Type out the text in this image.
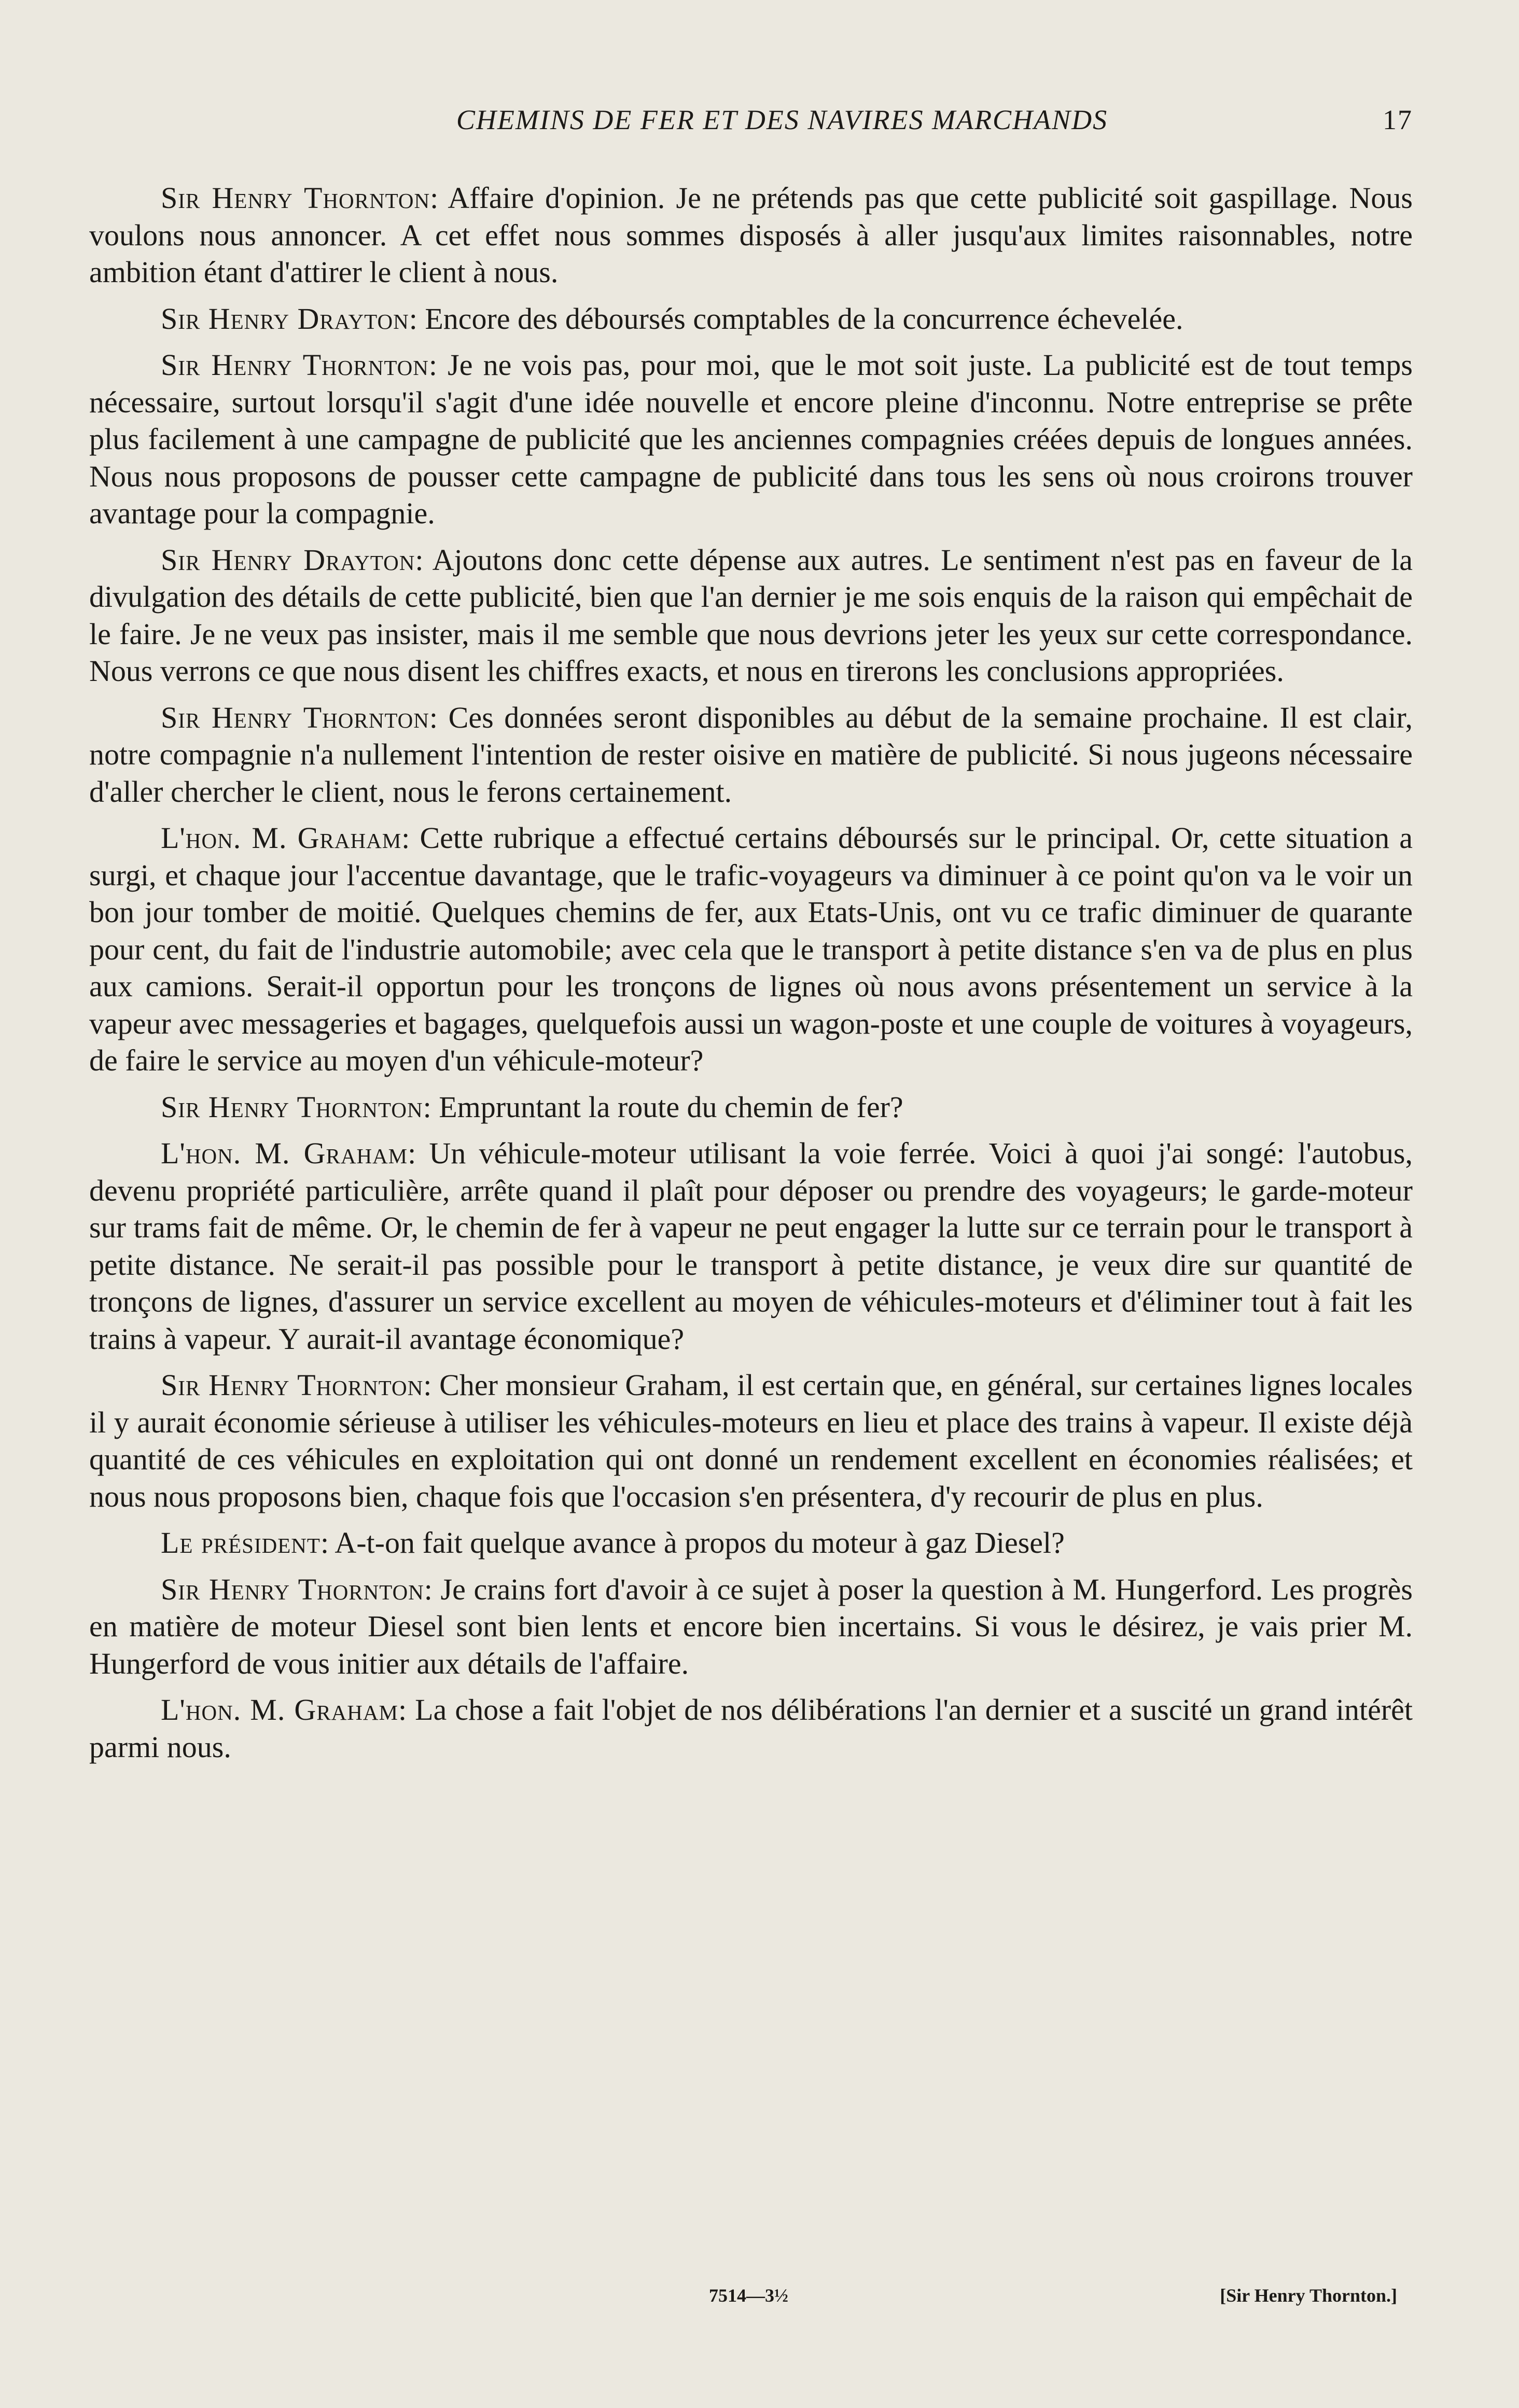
CHEMINS DE FER ET DES NAVIRES MARCHANDS	17

Sir Henry Thornton: Affaire d'opinion. Je ne prétends pas que cette publicité soit gaspillage. Nous voulons nous annoncer. A cet effet nous sommes disposés à aller jusqu'aux limites raisonnables, notre ambition étant d'attirer le client à nous.

Sir Henry Drayton: Encore des déboursés comptables de la concurrence échevelée.

Sir Henry Thornton: Je ne vois pas, pour moi, que le mot soit juste. La publicité est de tout temps nécessaire, surtout lorsqu'il s'agit d'une idée nouvelle et encore pleine d'inconnu. Notre entreprise se prête plus facilement à une campagne de publicité que les anciennes compagnies créées depuis de longues années. Nous nous proposons de pousser cette campagne de publicité dans tous les sens où nous croirons trouver avantage pour la compagnie.

Sir Henry Drayton: Ajoutons donc cette dépense aux autres. Le sentiment n'est pas en faveur de la divulgation des détails de cette publicité, bien que l'an dernier je me sois enquis de la raison qui empêchait de le faire. Je ne veux pas insister, mais il me semble que nous devrions jeter les yeux sur cette correspondance. Nous verrons ce que nous disent les chiffres exacts, et nous en tirerons les conclusions appropriées.

Sir Henry Thornton: Ces données seront disponibles au début de la semaine prochaine. Il est clair, notre compagnie n'a nullement l'intention de rester oisive en matière de publicité. Si nous jugeons nécessaire d'aller chercher le client, nous le ferons certainement.

L'hon. M. Graham: Cette rubrique a effectué certains déboursés sur le principal. Or, cette situation a surgi, et chaque jour l'accentue davantage, que le trafic-voyageurs va diminuer à ce point qu'on va le voir un bon jour tomber de moitié. Quelques chemins de fer, aux Etats-Unis, ont vu ce trafic diminuer de quarante pour cent, du fait de l'industrie automobile; avec cela que le transport à petite distance s'en va de plus en plus aux camions. Serait-il opportun pour les tronçons de lignes où nous avons présentement un service à la vapeur avec messageries et bagages, quelquefois aussi un wagon-poste et une couple de voitures à voyageurs, de faire le service au moyen d'un véhicule-moteur?

Sir Henry Thornton: Empruntant la route du chemin de fer?

L'hon. M. Graham: Un véhicule-moteur utilisant la voie ferrée. Voici à quoi j'ai songé: l'autobus, devenu propriété particulière, arrête quand il plaît pour déposer ou prendre des voyageurs; le garde-moteur sur trams fait de même. Or, le chemin de fer à vapeur ne peut engager la lutte sur ce terrain pour le transport à petite distance. Ne serait-il pas possible pour le transport à petite distance, je veux dire sur quantité de tronçons de lignes, d'assurer un service excellent au moyen de véhicules-moteurs et d'éliminer tout à fait les trains à vapeur. Y aurait-il avantage économique?

Sir Henry Thornton: Cher monsieur Graham, il est certain que, en général, sur certaines lignes locales il y aurait économie sérieuse à utiliser les véhicules-moteurs en lieu et place des trains à vapeur. Il existe déjà quantité de ces véhicules en exploitation qui ont donné un rendement excellent en économies réalisées; et nous nous proposons bien, chaque fois que l'occasion s'en présentera, d'y recourir de plus en plus.

Le président: A-t-on fait quelque avance à propos du moteur à gaz Diesel?

Sir Henry Thornton: Je crains fort d'avoir à ce sujet à poser la question à M. Hungerford. Les progrès en matière de moteur Diesel sont bien lents et encore bien incertains. Si vous le désirez, je vais prier M. Hungerford de vous initier aux détails de l'affaire.

L'hon. M. Graham: La chose a fait l'objet de nos délibérations l'an dernier et a suscité un grand intérêt parmi nous.

7514—3½	[Sir Henry Thornton.]
